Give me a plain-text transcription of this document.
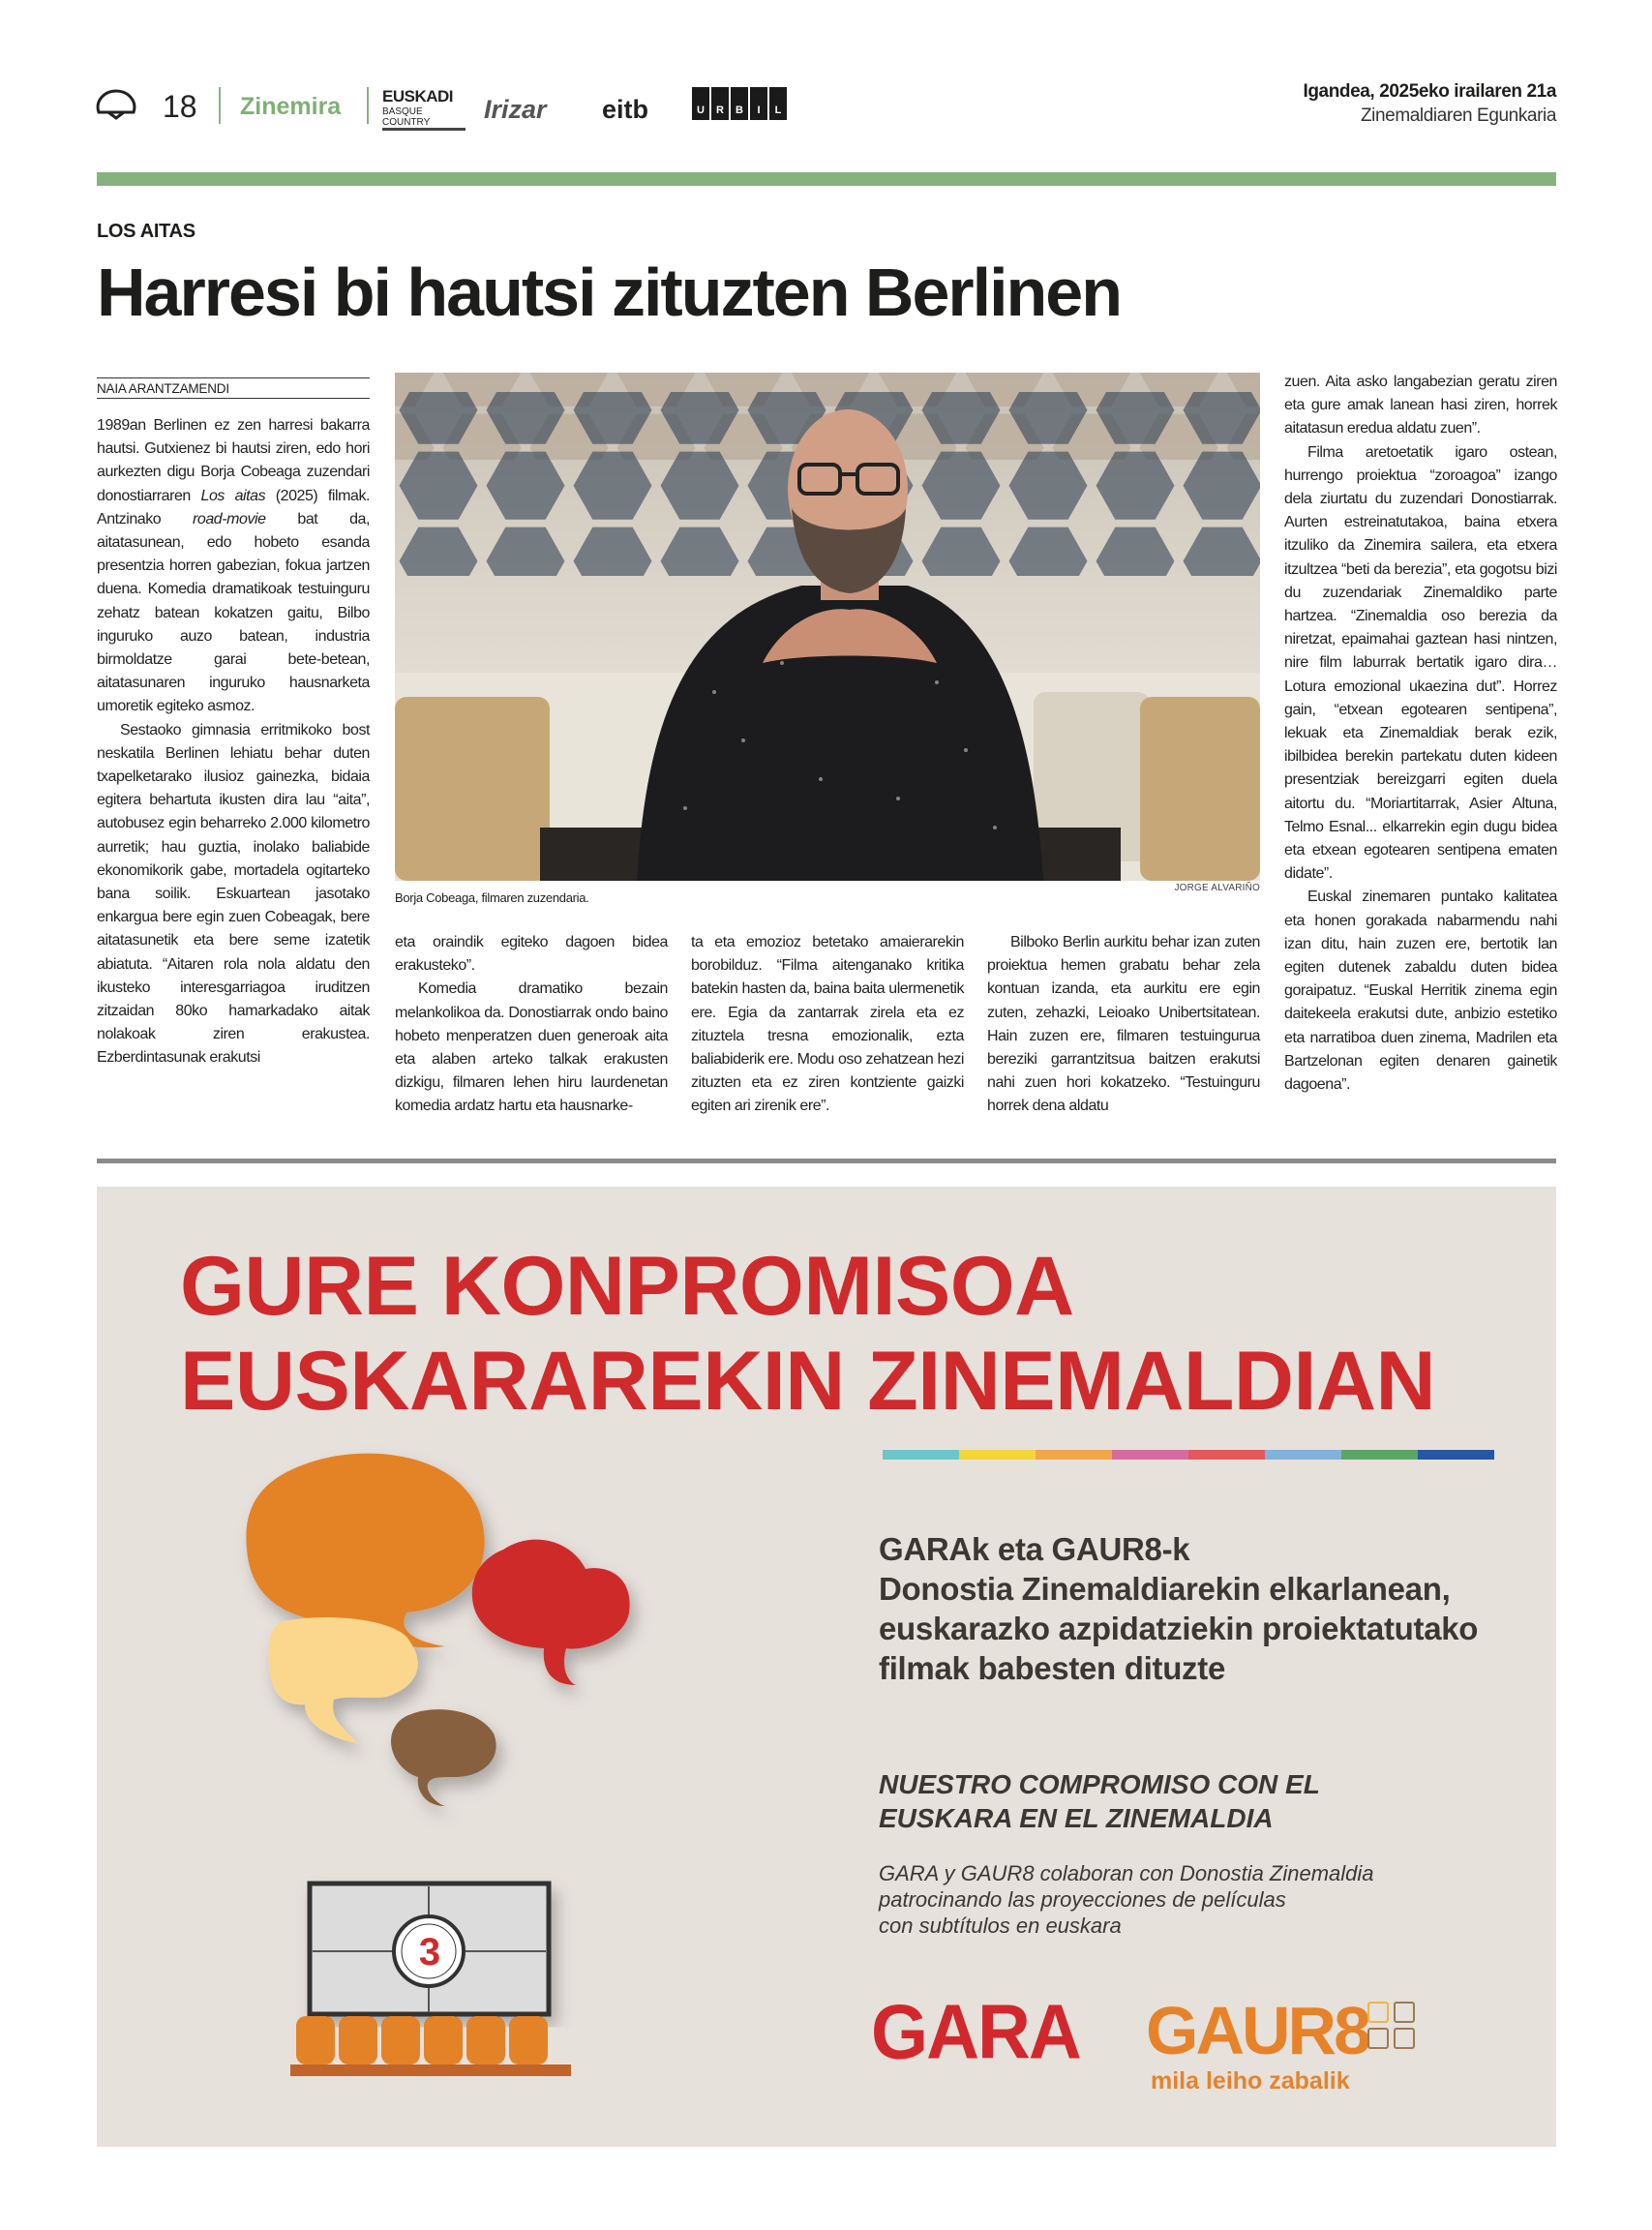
18 Zinemira	EUSKADI
BASQUE COUNTRY	Irizar eitb	U	R	B	I	L
Igandea, 2025eko irailaren 21a
Zinemaldiaren Egunkaria
LOS AITAS
Harresi bi hautsi zituzten Berlinen
NAIA ARANTZAMENDI

1989an Berlinen ez zen harresi bakarra hautsi. Gutxienez bi hautsi ziren, edo hori aurkezten digu Borja Cobeaga zuzendari donostiarraren Los aitas (2025) filmak. Antzinako road-movie bat da, aitatasunean, edo hobeto esanda presentzia horren gabezian, fokua jartzen duena. Komedia dramatikoak testuinguru zehatz batean kokatzen gaitu, Bilbo inguruko auzo batean, industria birmoldatze garai bete-betean, aitatasunaren inguruko hausnarketa umoretik egiteko asmoz.

Sestaoko gimnasia erritmikoko bost neskatila Berlinen lehiatu behar duten txapelketarako ilusioz gainezka, bidaia egitera behartuta ikusten dira lau “aita”, autobusez egin beharreko 2.000 kilometro aurretik; hau guztia, inolako baliabide ekonomikorik gabe, mortadela ogitarteko bana soilik. Eskuartean jasotako enkargua bere egin zuen Cobeagak, bere aitatasunetik eta bere seme izatetik abiatuta. “Aitaren rola nola aldatu den ikusteko interesgarriagoa iruditzen zitzaidan 80ko hamarkadako aitak nolakoak ziren erakustea. Ezberdintasunak erakutsi

Borja Cobeaga, filmaren zuzendaria.
JORGE ALVARIÑO

eta oraindik egiteko dagoen bidea erakusteko”.

Komedia dramatiko bezain melankolikoa da. Donostiarrak ondo baino hobeto menperatzen duen generoak aita eta alaben arteko talkak erakusten dizkigu, filmaren lehen hiru laurdenetan komedia ardatz hartu eta hausnarke-

ta eta emozioz betetako amaierarekin borobilduz. “Filma aitenganako kritika batekin hasten da, baina baita ulermenetik ere. Egia da zantarrak zirela eta ez zituztela tresna emozionalik, ezta baliabiderik ere. Modu oso zehatzean hezi zituzten eta ez ziren kontziente gaizki egiten ari zirenik ere”.

Bilboko Berlin aurkitu behar izan zuten proiektua hemen grabatu behar zela kontuan izanda, eta aurkitu ere egin zuten, zehazki, Leioako Unibertsitatean. Hain zuzen ere, filmaren testuingurua bereziki garrantzitsua baitzen erakutsi nahi zuen hori kokatzeko. “Testuinguru horrek dena aldatu

zuen. Aita asko langabezian geratu ziren eta gure amak lanean hasi ziren, horrek aitatasun eredua aldatu zuen”.

Filma aretoetatik igaro ostean, hurrengo proiektua “zoroagoa” izango dela ziurtatu du zuzendari Donostiarrak. Aurten estreinatutakoa, baina etxera itzuliko da Zinemira sailera, eta etxera itzultzea “beti da berezia”, eta gogotsu bizi du zuzendariak Zinemaldiko parte hartzea. “Zinemaldia oso berezia da niretzat, epaimahai gaztean hasi nintzen, nire film laburrak bertatik igaro dira… Lotura emozional ukaezina dut”. Horrez gain, “etxean egotearen sentipena”, lekuak eta Zinemaldiak berak ezik, ibilbidea berekin partekatu duten kideen presentziak bereizgarri egiten duela aitortu du. “Moriartitarrak, Asier Altuna, Telmo Esnal... elkarrekin egin dugu bidea eta etxean egotearen sentipena ematen didate”.

Euskal zinemaren puntako kalitatea eta honen gorakada nabarmendu nahi izan ditu, hain zuzen ere, bertotik lan egiten dutenek zabaldu duten bidea goraipatuz. “Euskal Herritik zinema egin daitekeela erakutsi dute, anbizio estetiko eta narratiboa duen zinema, Madrilen eta Bartzelonan egiten denaren gainetik dagoena”.

GURE KONPROMISOA
EUSKARAREKIN ZINEMALDIAN
3
GARAk eta GAUR8-k
Donostia Zinemaldiarekin elkarlanean,
euskarazko azpidatziekin proiektatutako
filmak babesten dituzte
NUESTRO COMPROMISO CON EL
EUSKARA EN EL ZINEMALDIA
GARA y GAUR8 colaboran con Donostia Zinemaldia
patrocinando las proyecciones de películas
con subtítulos en euskara
GARA GAUR8
mila leiho zabalik
